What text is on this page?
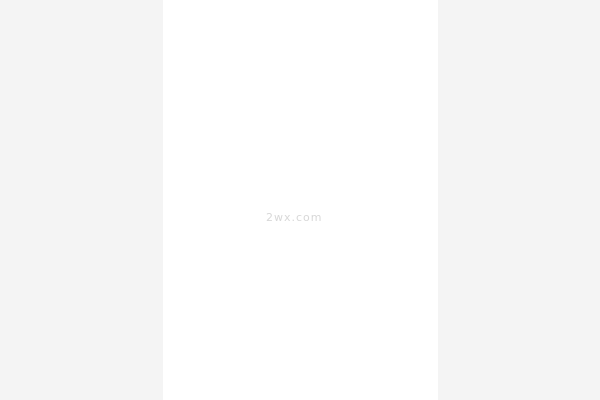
2wx.com
